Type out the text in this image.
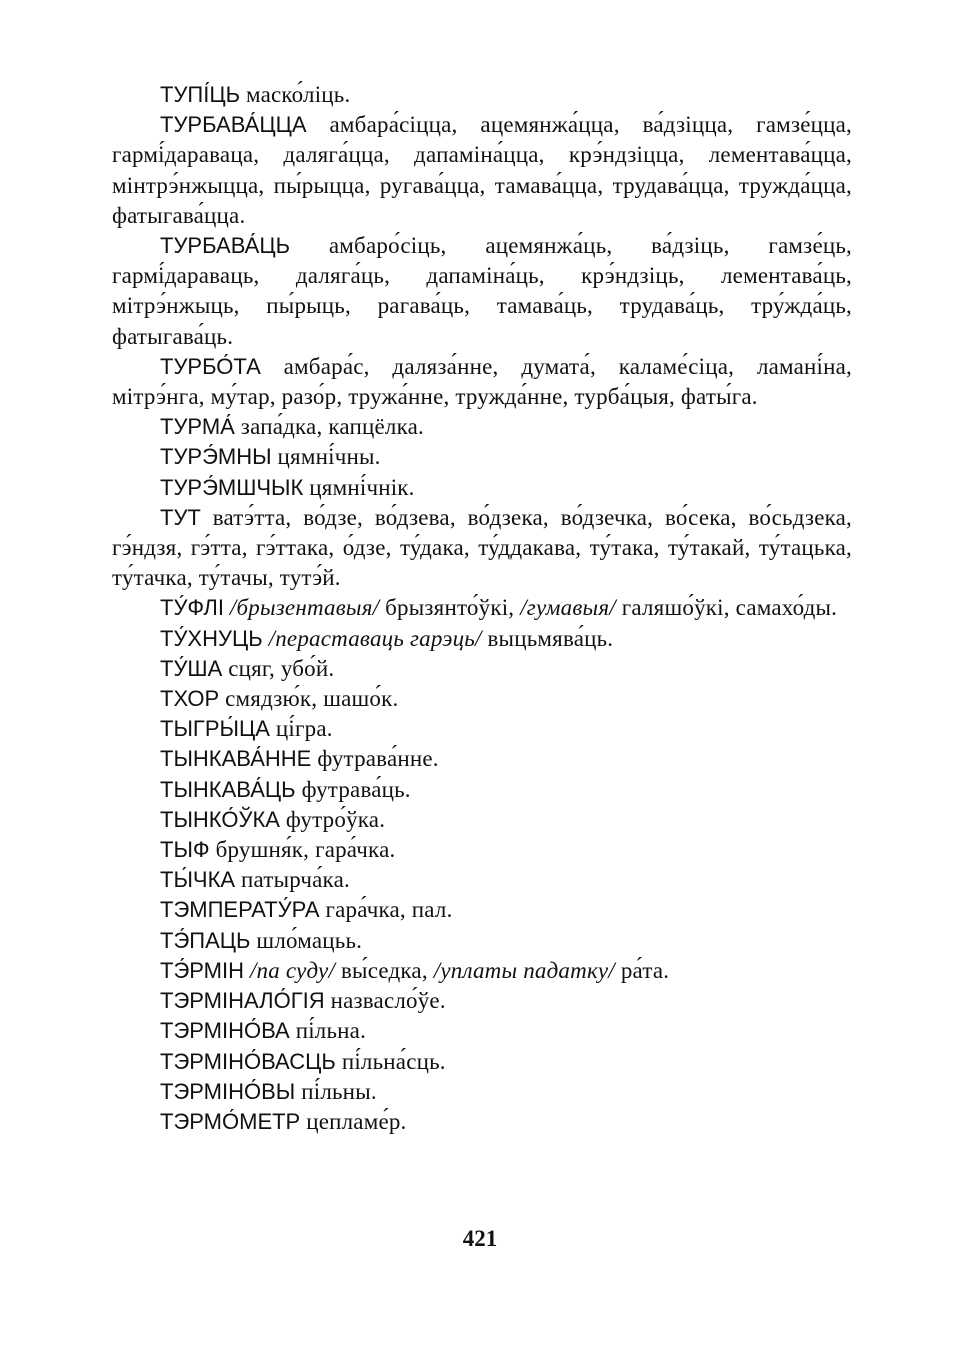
ТУПІ́ЦЬ маско́ліць.

ТУРБАВА́ЦЦА амбара́сіцца, ацемянжа́цца, ва́дзіцца, гамзе́цца, гармі́дараваца, даляга́цца, дапаміна́цца, крэ́ндзіцца, лементава́цца, мінтрэ́нжыцца, пы́рыцца, ругава́цца, тамава́цца, трудава́цца, тружда́цца, фатыгава́цца.

ТУРБАВА́ЦЬ амбаро́сіць, ацемянжа́ць, ва́дзіць, гамзе́ць, гармі́дараваць, даляга́ць, дапаміна́ць, крэ́ндзіць, лементава́ць, мітрэ́нжыць, пы́рыць, рагава́ць, тамава́ць, трудава́ць, тру́жда́ць, фатыгава́ць.

ТУРБО́ТА амбара́с, даляза́нне, думата́, каламе́сіца, ламані́на, мітрэ́нга, му́тар, разо́р, тружа́нне, тружда́нне, турба́цыя, фаты́га.

ТУРМА́ запа́дка, капцёлка.

ТУРЭ́МНЫ цямні́чны.

ТУРЭ́МШЧЫК цямні́чнік.

ТУТ ватэ́тта, во́дзе, во́дзева, во́дзека, во́дзечка, во́сека, во́сьдзека, гэ́ндзя, гэ́тта, гэ́ттака, о́дзе, ту́дака, ту́ддакава, ту́така, ту́такай, ту́тацька, ту́тачка, ту́тачы, тутэ́й.

ТУ́ФЛІ /брызентавыя/ брызянто́ўкі, /гумавыя/ галяшо́ўкі, самахо́ды.

ТУ́ХНУЦЬ /пераставаць гарэць/ выцьмява́ць.

ТУ́ША сцяг, убо́й.

ТХОР смядзю́к, шашо́к.

ТЫГРЫ́ЦА ці́гра.

ТЫНКАВА́ННЕ футрава́нне.

ТЫНКАВА́ЦЬ футрава́ць.

ТЫНКО́ЎКА футро́ўка.

ТЫФ брушня́к, гара́чка.

ТЫ́ЧКА патырча́ка.

ТЭМПЕРАТУ́РА гара́чка, пал.

ТЭ́ПАЦЬ шло́мацьь.

ТЭ́РМІН /па суду/ вы́седка, /уплаты падатку/ ра́та.

ТЭРМІНАЛО́ГІЯ назвасло́ўе.

ТЭРМІНО́ВА пі́льна.

ТЭРМІНО́ВАСЦЬ пі́льна́сць.

ТЭРМІНО́ВЫ пі́льны.

ТЭРМО́МЕТР цепламе́р.

421
